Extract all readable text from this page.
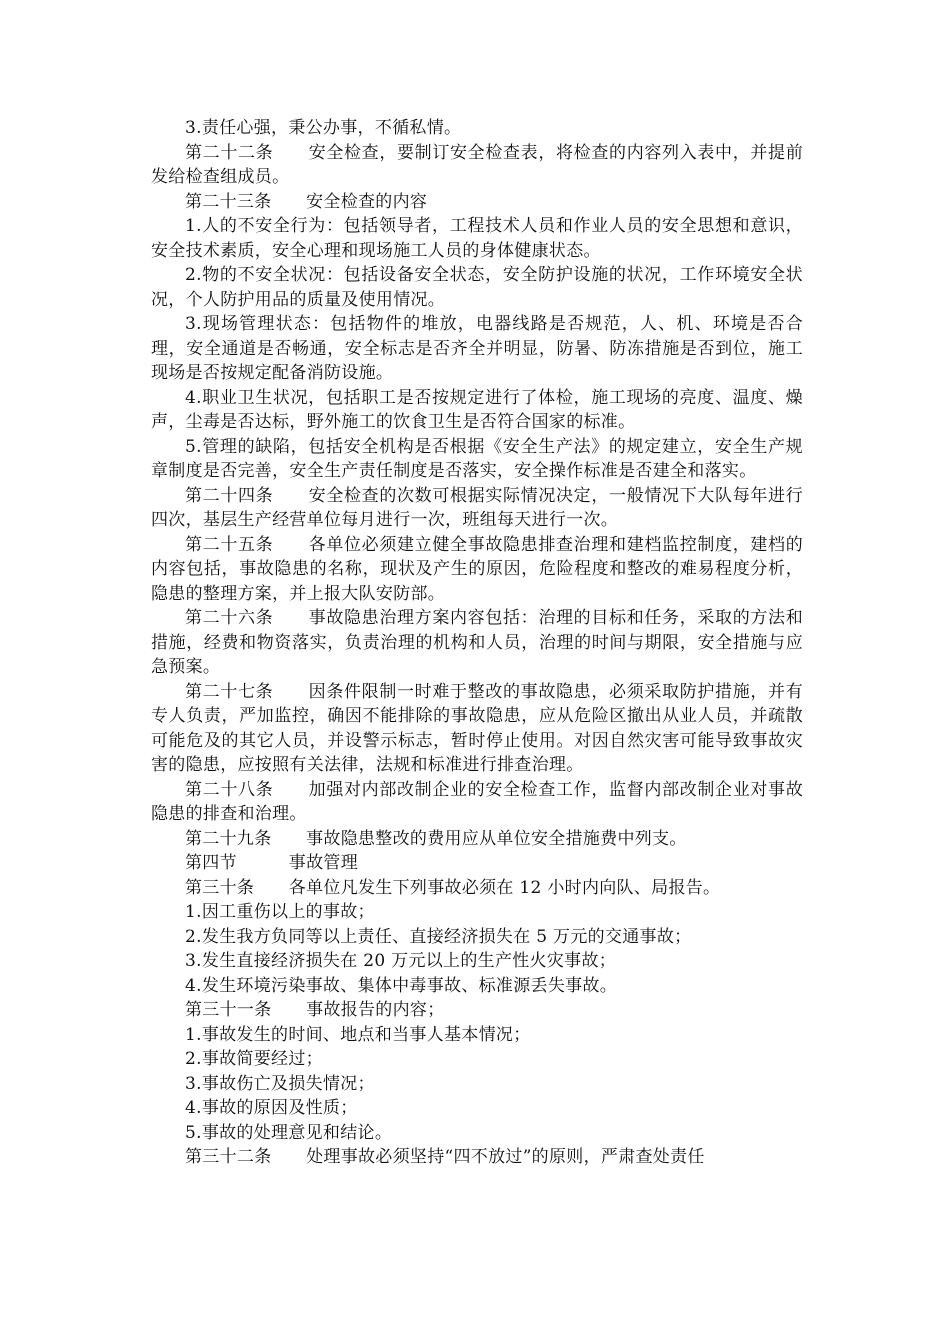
3.责任心强，秉公办事，不循私情。

第二十二条　　安全检查，要制订安全检查表，将检查的内容列入表中，并提前发给检查组成员。

第二十三条　　安全检查的内容

1.人的不安全行为：包括领导者，工程技术人员和作业人员的安全思想和意识，安全技术素质，安全心理和现场施工人员的身体健康状态。

2.物的不安全状况：包括设备安全状态，安全防护设施的状况，工作环境安全状况，个人防护用品的质量及使用情况。

3.现场管理状态：包括物件的堆放，电器线路是否规范，人、机、环境是否合理，安全通道是否畅通，安全标志是否齐全并明显，防暑、防冻措施是否到位，施工现场是否按规定配备消防设施。

4.职业卫生状况，包括职工是否按规定进行了体检，施工现场的亮度、温度、燥声，尘毒是否达标，野外施工的饮食卫生是否符合国家的标准。

5.管理的缺陷，包括安全机构是否根据《安全生产法》的规定建立，安全生产规章制度是否完善，安全生产责任制度是否落实，安全操作标准是否建全和落实。

第二十四条　　安全检查的次数可根据实际情况决定，一般情况下大队每年进行四次，基层生产经营单位每月进行一次，班组每天进行一次。

第二十五条　　各单位必须建立健全事故隐患排查治理和建档监控制度，建档的内容包括，事故隐患的名称，现状及产生的原因，危险程度和整改的难易程度分析，隐患的整理方案，并上报大队安防部。

第二十六条　　事故隐患治理方案内容包括：治理的目标和任务，采取的方法和措施，经费和物资落实，负责治理的机构和人员，治理的时间与期限，安全措施与应急预案。

第二十七条　　因条件限制一时难于整改的事故隐患，必须采取防护措施，并有专人负责，严加监控，确因不能排除的事故隐患，应从危险区撤出从业人员，并疏散可能危及的其它人员，并设警示标志，暂时停止使用。对因自然灾害可能导致事故灾害的隐患，应按照有关法律，法规和标准进行排查治理。

第二十八条　　加强对内部改制企业的安全检查工作，监督内部改制企业对事故隐患的排查和治理。

第二十九条　　事故隐患整改的费用应从单位安全措施费中列支。

第四节　　　事故管理

第三十条　　各单位凡发生下列事故必须在 12 小时内向队、局报告。

1.因工重伤以上的事故；

2.发生我方负同等以上责任、直接经济损失在 5 万元的交通事故；

3.发生直接经济损失在 20 万元以上的生产性火灾事故；

4.发生环境污染事故、集体中毒事故、标准源丢失事故。

第三十一条　　事故报告的内容；

1.事故发生的时间、地点和当事人基本情况；

2.事故简要经过；

3.事故伤亡及损失情况；

4.事故的原因及性质；

5.事故的处理意见和结论。

第三十二条　　处理事故必须坚持“四不放过”的原则，严肃查处责任
